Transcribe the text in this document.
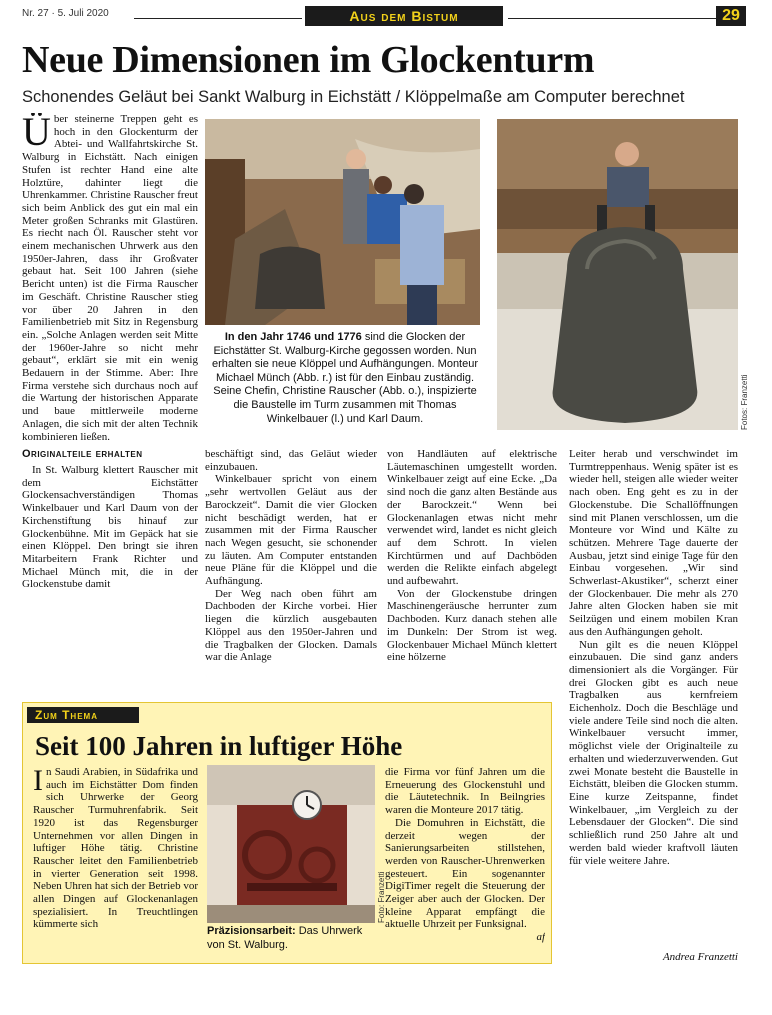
Nr. 27 · 5. Juli 2020	Aus dem Bistum	29
Neue Dimensionen im Glockenturm
Schonendes Geläut bei Sankt Walburg in Eichstätt / Klöppelmaße am Computer berechnet

Über steinerne Treppen geht es hoch in den Glockenturm der Abtei- und Wallfahrtskirche St. Walburg in Eichstätt. Nach einigen Stufen ist rechter Hand eine alte Holztüre, dahinter liegt die Uhrenkammer. Christine Rauscher freut sich beim Anblick des gut ein mal ein Meter großen Schranks mit Glastüren. Es riecht nach Öl. Rauscher steht vor einem mechanischen Uhrwerk aus den 1950er-Jahren, dass ihr Großvater gebaut hat. Seit 100 Jahren (siehe Bericht unten) ist die Firma Rauscher im Geschäft. Christine Rauscher stieg vor über 20 Jahren in den Familienbetrieb mit Sitz in Regensburg ein. „Solche Anlagen werden seit Mitte der 1960er-Jahre so nicht mehr gebaut“, erklärt sie mit ein wenig Bedauern in der Stimme. Aber: Ihre Firma verstehe sich durchaus noch auf die Wartung der historischen Apparate und baue mittlerweile moderne Anlagen, die sich mit der alten Technik kombinieren ließen.

Originalteile erhalten

In St. Walburg klettert Rauscher mit dem Eichstätter Glockensachverständigen Thomas Winkelbauer und Karl Daum von der Kirchenstiftung bis hinauf zur Glockenbühne. Mit im Gepäck hat sie einen Klöppel. Den bringt sie ihren Mitarbeitern Frank Richter und Michael Münch mit, die in der Glockenstube damit

Fotos: Franzetti
In den Jahr 1746 und 1776 sind die Glocken der Eichstätter St. Walburg-Kirche gegossen worden. Nun erhalten sie neue Klöppel und Aufhängungen. Monteur Michael Münch (Abb. r.) ist für den Einbau zuständig. Seine Chefin, Christine Rauscher (Abb. o.), inspizierte die Baustelle im Turm zusammen mit Thomas Winkelbauer (l.) und Karl Daum.

beschäftigt sind, das Geläut wieder einzubauen.

Winkelbauer spricht von einem „sehr wertvollen Geläut aus der Barockzeit“. Damit die vier Glocken nicht beschädigt werden, hat er zusammen mit der Firma Rauscher nach Wegen gesucht, sie schonender zu läuten. Am Computer entstanden neue Pläne für die Klöppel und die Aufhängung.

Der Weg nach oben führt am Dachboden der Kirche vorbei. Hier liegen die kürzlich ausgebauten Klöppel aus den 1950er-Jahren und die Tragbalken der Glocken. Damals war die Anlage

von Handläuten auf elektrische Läutemaschinen umgestellt worden. Winkelbauer zeigt auf eine Ecke. „Da sind noch die ganz alten Bestände aus der Barockzeit.“ Wenn bei Glockenanlagen etwas nicht mehr verwendet wird, landet es nicht gleich auf dem Schrott. In vielen Kirchtürmen und auf Dachböden werden die Relikte einfach abgelegt und aufbewahrt.

Von der Glockenstube dringen Maschinengeräusche herrunter zum Dachboden. Kurz danach stehen alle im Dunkeln: Der Strom ist weg. Glockenbauer Michael Münch klettert eine hölzerne

Leiter herab und verschwindet im Turmtreppenhaus. Wenig später ist es wieder hell, steigen alle wieder weiter nach oben. Eng geht es zu in der Glockenstube. Die Schallöffnungen sind mit Planen verschlossen, um die Monteure vor Wind und Kälte zu schützen. Mehrere Tage dauerte der Ausbau, jetzt sind einige Tage für den Einbau vorgesehen. „Wir sind Schwerlast-Akustiker“, scherzt einer der Glockenbauer. Die mehr als 270 Jahre alten Glocken haben sie mit Seilzügen und einem mobilen Kran aus den Aufhängungen geholt.

Nun gilt es die neuen Klöppel einzubauen. Die sind ganz anders dimensioniert als die Vorgänger. Für drei Glocken gibt es auch neue Tragbalken aus kernfreiem Eichenholz. Doch die Beschläge und viele andere Teile sind noch die alten. Winkelbauer versucht immer, möglichst viele der Originalteile zu erhalten und wiederzuverwenden. Gut zwei Monate besteht die Baustelle in Eichstätt, bleiben die Glocken stumm. Eine kurze Zeitspanne, findet Winkelbauer, „im Vergleich zu der Lebensdauer der Glocken“. Die sind schließlich rund 250 Jahre alt und werden bald wieder kraftvoll läuten für viele weitere Jahre.

Andrea Franzetti
Zum Thema
Seit 100 Jahren in luftiger Höhe

In Saudi Arabien, in Südafrika und auch im Eichstätter Dom finden sich Uhrwerke der Georg Rauscher Turmuhrenfabrik. Seit 1920 ist das Regensburger Unternehmen vor allen Dingen in luftiger Höhe tätig. Christine Rauscher leitet den Familienbetrieb in vierter Generation seit 1998. Neben Uhren hat sich der Betrieb vor allen Dingen auf Glockenanlagen spezialisiert. In Treuchtlingen kümmerte sich

Foto: Franzetti
Präzisionsarbeit: Das Uhrwerk von St. Walburg.

die Firma vor fünf Jahren um die Erneuerung des Glockenstuhl und die Läutetechnik. In Beilngries waren die Monteure 2017 tätig.

Die Domuhren in Eichstätt, die derzeit wegen der Sanierungsarbeiten stillstehen, werden von Rauscher-Uhrenwerken gesteuert. Ein sogenannter DigiTimer regelt die Steuerung der Zeiger aber auch der Glocken. Der kleine Apparat empfängt die aktuelle Uhrzeit per Funksignal.
af
